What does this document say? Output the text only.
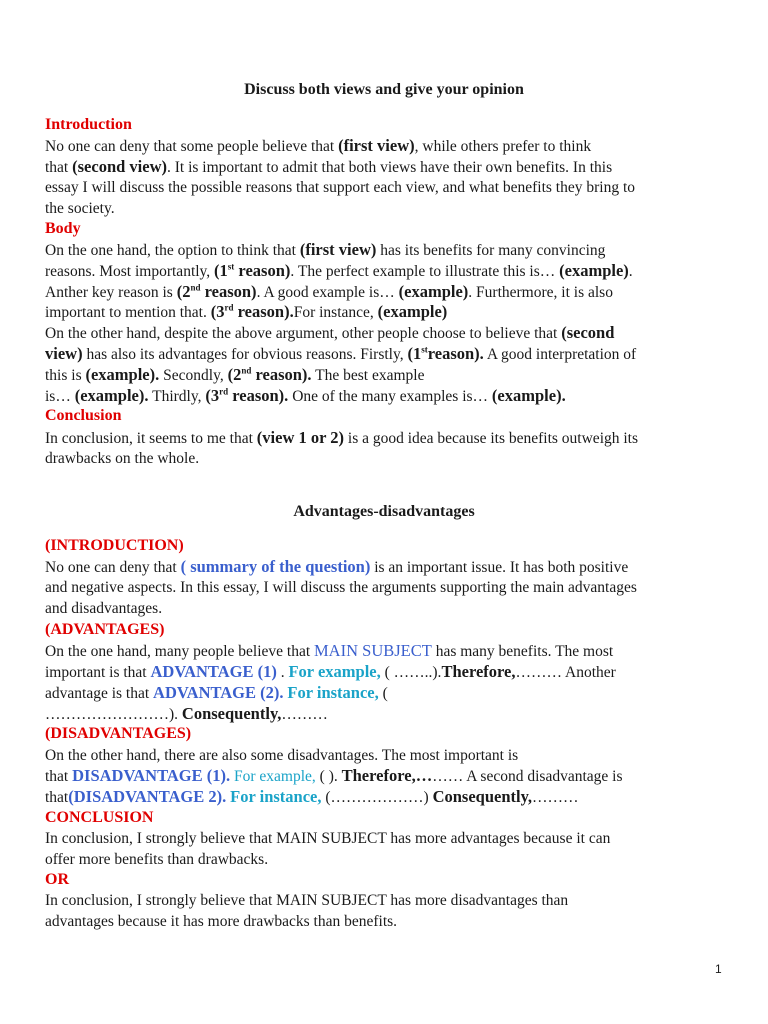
Discuss both views and give your opinion
Introduction
No one can deny that some people believe that (first view), while others prefer to think
that (second view). It is important to admit that both views have their own benefits. In this
essay I will discuss the possible reasons that support each view, and what benefits they bring to
the society.
Body
On the one hand, the option to think that (first view) has its benefits for many convincing
reasons. Most importantly, (1st reason). The perfect example to illustrate this is… (example).
Anther key reason is (2nd reason). A good example is… (example). Furthermore, it is also
important to mention that. (3rd reason).For instance, (example)
On the other hand, despite the above argument, other people choose to believe that (second
view) has also its advantages for obvious reasons. Firstly, (1streason). A good interpretation of
this is (example). Secondly, (2nd reason). The best example
is… (example). Thirdly, (3rd reason). One of the many examples is… (example).
Conclusion
In conclusion, it seems to me that (view 1 or 2) is a good idea because its benefits outweigh its
drawbacks on the whole.
Advantages-disadvantages
(INTRODUCTION)
No one can deny that ( summary of the question) is an important issue. It has both positive
and negative aspects. In this essay, I will discuss the arguments supporting the main advantages
and disadvantages.
(ADVANTAGES)
On the one hand, many people believe that MAIN SUBJECT has many benefits. The most
important is that ADVANTAGE (1) . For example, ( ……..).Therefore,……… Another
advantage is that ADVANTAGE (2). For instance, (
……………………). Consequently,………
(DISADVANTAGES)
On the other hand, there are also some disadvantages. The most important is
that DISADVANTAGE (1). For example, ( ). Therefore,……… A second disadvantage is
that(DISADVANTAGE 2). For instance, (………………) Consequently,………
CONCLUSION
In conclusion, I strongly believe that MAIN SUBJECT has more advantages because it can
offer more benefits than drawbacks.
OR
In conclusion, I strongly believe that MAIN SUBJECT has more disadvantages than
advantages because it has more drawbacks than benefits.
1
